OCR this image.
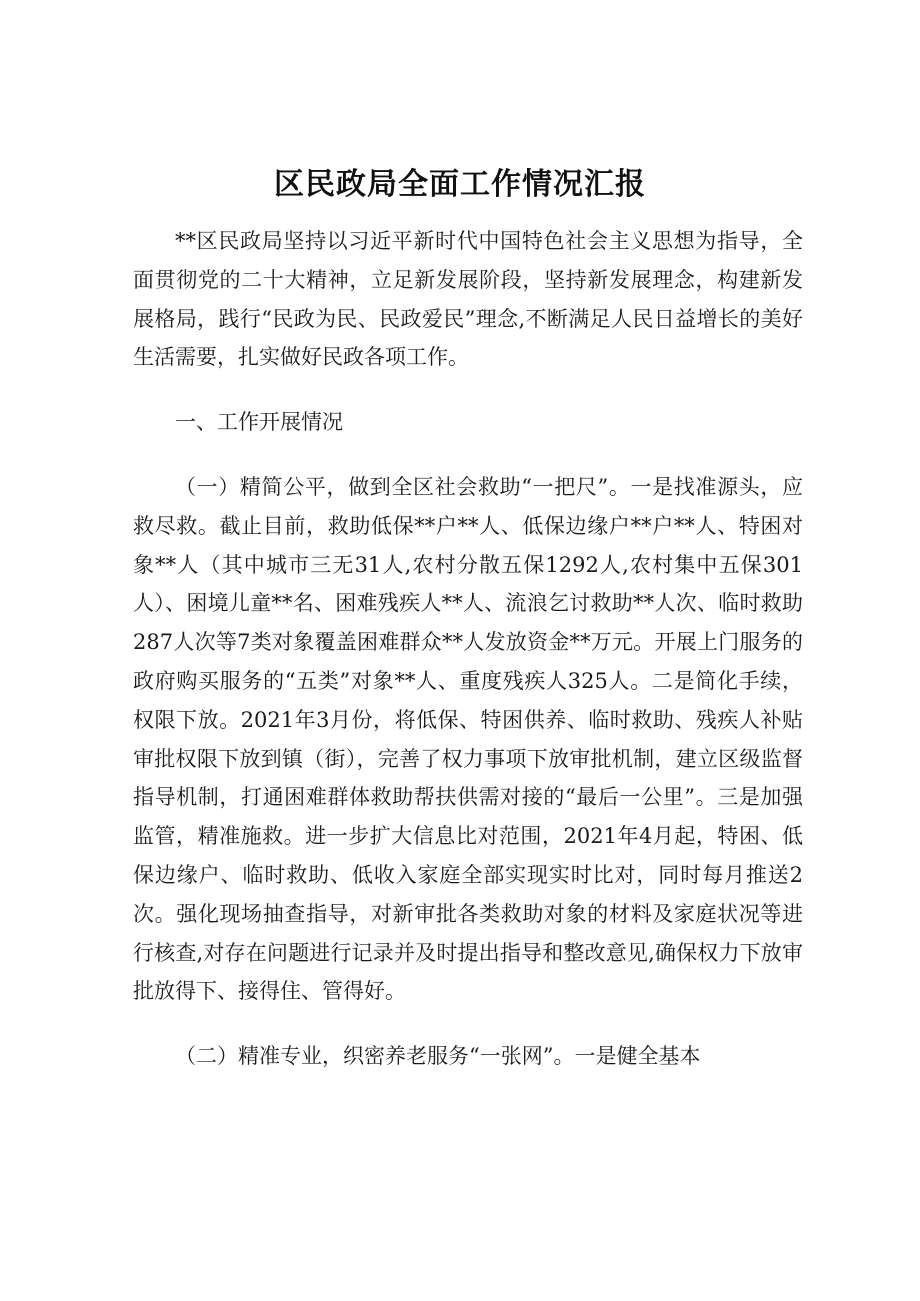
区民政局全面工作情况汇报

**区民政局坚持以习近平新时代中国特色社会主义思想为指导，全面贯彻党的二十大精神，立足新发展阶段，坚持新发展理念，构建新发展格局，践行“民政为民、民政爱民”理念,不断满足人民日益增长的美好生活需要，扎实做好民政各项工作。

一、工作开展情况

（一）精简公平，做到全区社会救助“一把尺”。一是找准源头，应救尽救。截止目前，救助低保**户**人、低保边缘户**户**人、特困对象**人（其中城市三无31人,农村分散五保1292人,农村集中五保301人）、困境儿童**名、困难残疾人**人、流浪乞讨救助**人次、临时救助287人次等7类对象覆盖困难群众**人发放资金**万元。开展上门服务的政府购买服务的“五类”对象**人、重度残疾人325人。二是简化手续，权限下放。2021年3月份，将低保、特困供养、临时救助、残疾人补贴审批权限下放到镇（街），完善了权力事项下放审批机制，建立区级监督指导机制，打通困难群体救助帮扶供需对接的“最后一公里”。三是加强监管，精准施救。进一步扩大信息比对范围，2021年4月起，特困、低保边缘户、临时救助、低收入家庭全部实现实时比对，同时每月推送2次。强化现场抽查指导，对新审批各类救助对象的材料及家庭状况等进行核查,对存在问题进行记录并及时提出指导和整改意见,确保权力下放审批放得下、接得住、管得好。

（二）精准专业，织密养老服务“一张网”。一是健全基本
